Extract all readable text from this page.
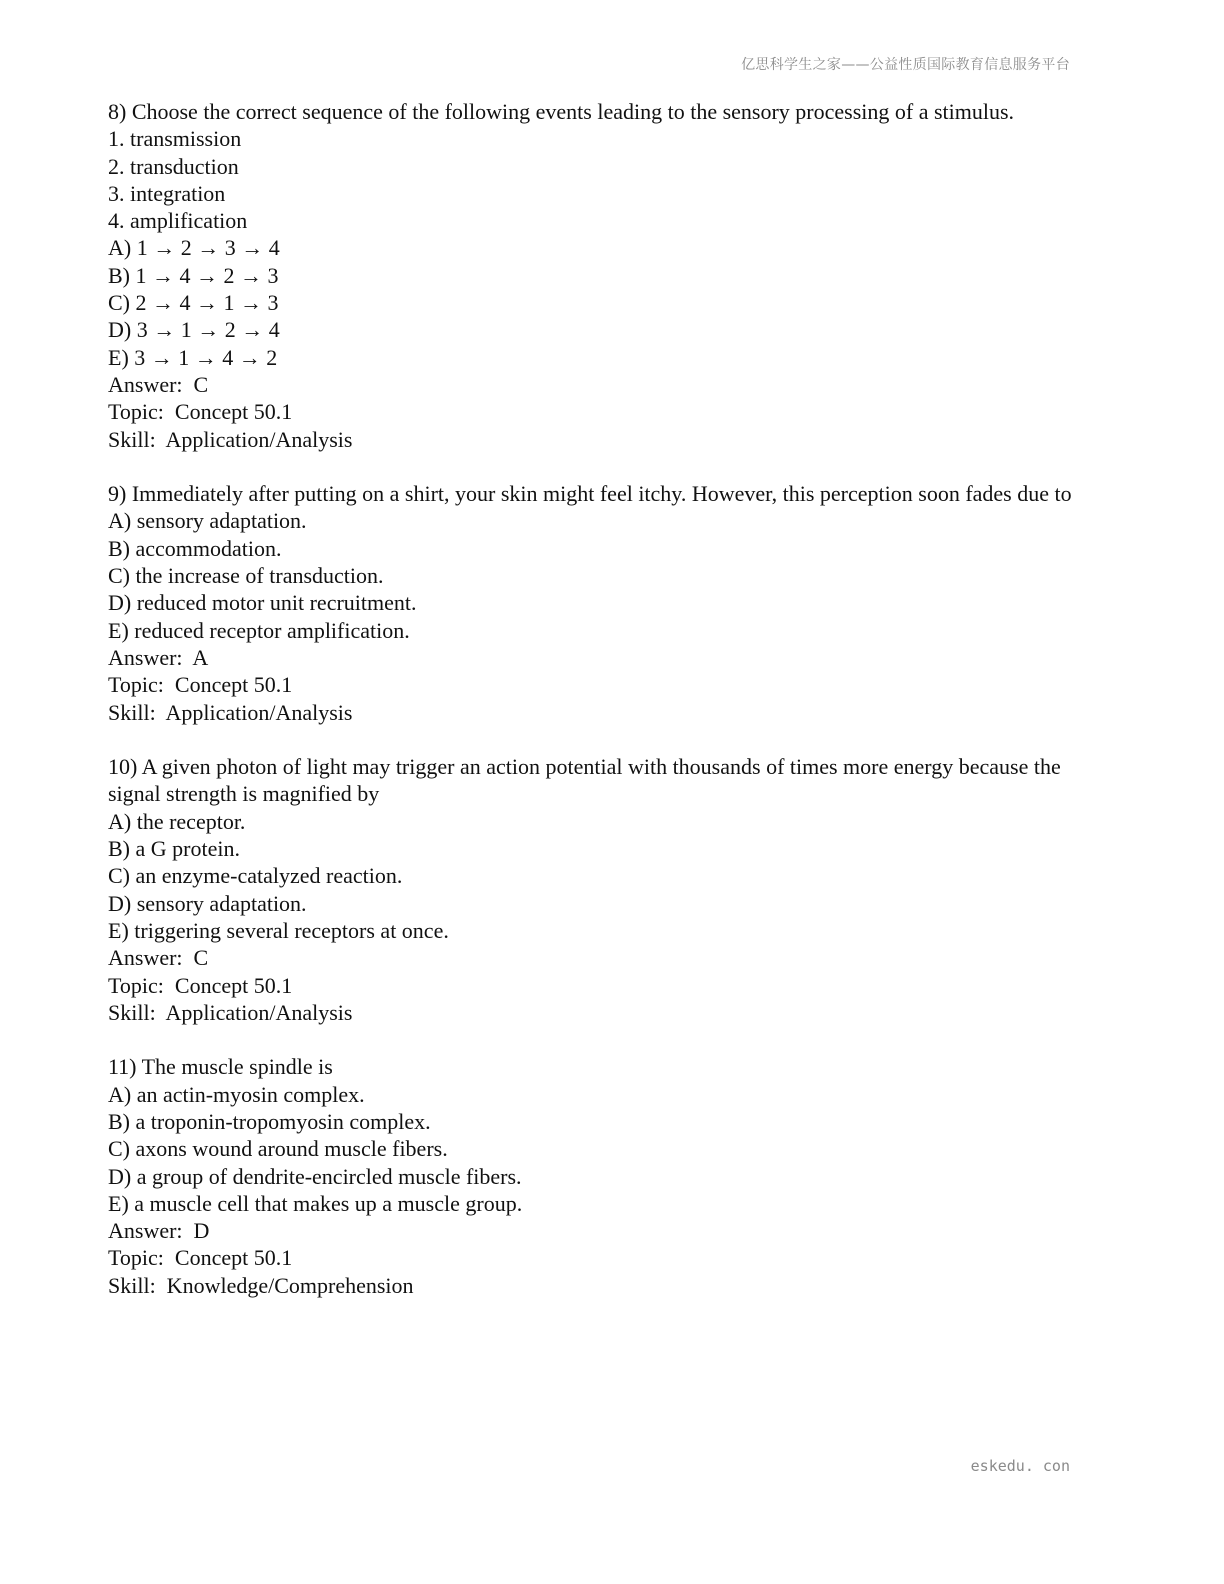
亿思科学生之家——公益性质国际教育信息服务平台
8) Choose the correct sequence of the following events leading to the sensory processing of a stimulus.
1. transmission
2. transduction
3. integration
4. amplification
A) 1 → 2 → 3 → 4
B) 1 → 4 → 2 → 3
C) 2 → 4 → 1 → 3
D) 3 → 1 → 2 → 4
E) 3 → 1 → 4 → 2
Answer:  C
Topic:  Concept 50.1
Skill:  Application/Analysis
9) Immediately after putting on a shirt, your skin might feel itchy. However, this perception soon fades due to
A) sensory adaptation.
B) accommodation.
C) the increase of transduction.
D) reduced motor unit recruitment.
E) reduced receptor amplification.
Answer:  A
Topic:  Concept 50.1
Skill:  Application/Analysis
10) A given photon of light may trigger an action potential with thousands of times more energy because the signal strength is magnified by
A) the receptor.
B) a G protein.
C) an enzyme-catalyzed reaction.
D) sensory adaptation.
E) triggering several receptors at once.
Answer:  C
Topic:  Concept 50.1
Skill:  Application/Analysis
11) The muscle spindle is
A) an actin-myosin complex.
B) a troponin-tropomyosin complex.
C) axons wound around muscle fibers.
D) a group of dendrite-encircled muscle fibers.
E) a muscle cell that makes up a muscle group.
Answer:  D
Topic:  Concept 50.1
Skill:  Knowledge/Comprehension
eskedu. con
